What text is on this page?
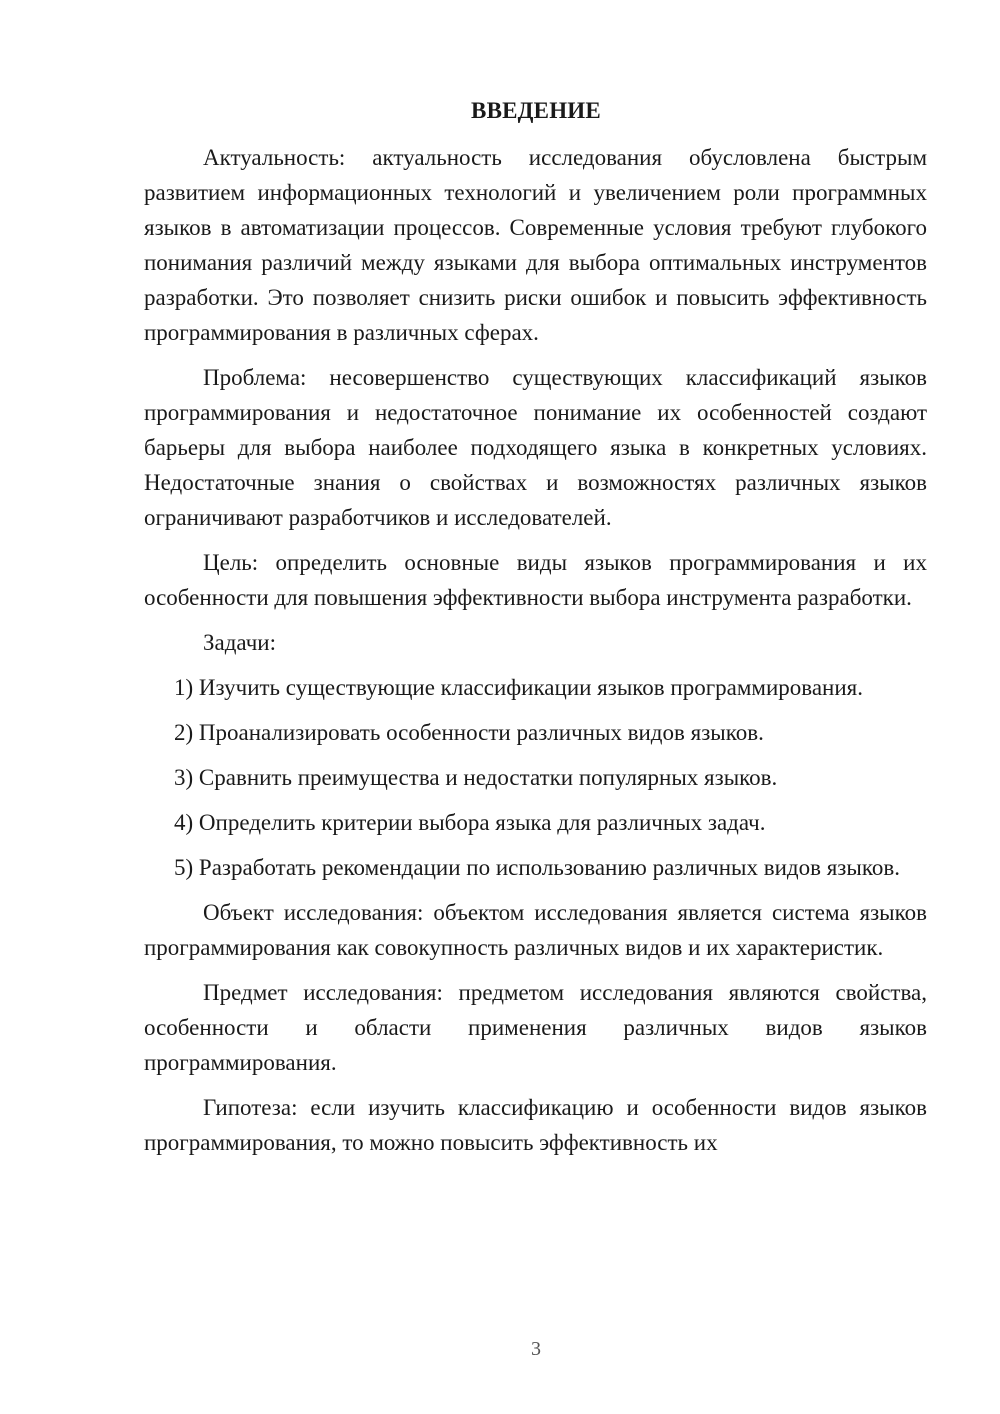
ВВЕДЕНИЕ

Актуальность: актуальность исследования обусловлена быстрым развитием информационных технологий и увеличением роли программных языков в автоматизации процессов. Современные условия требуют глубокого понимания различий между языками для выбора оптимальных инструментов разработки. Это позволяет снизить риски ошибок и повысить эффективность программирования в различных сферах.

Проблема: несовершенство существующих классификаций языков программирования и недостаточное понимание их особенностей создают барьеры для выбора наиболее подходящего языка в конкретных условиях. Недостаточные знания о свойствах и возможностях различных языков ограничивают разработчиков и исследователей.

Цель: определить основные виды языков программирования и их особенности для повышения эффективности выбора инструмента разработки.

Задачи:

1) Изучить существующие классификации языков программирования.

2) Проанализировать особенности различных видов языков.

3) Сравнить преимущества и недостатки популярных языков.

4) Определить критерии выбора языка для различных задач.

5) Разработать рекомендации по использованию различных видов языков.

Объект исследования: объектом исследования является система языков программирования как совокупность различных видов и их характеристик.

Предмет исследования: предметом исследования являются свойства, особенности и области применения различных видов языков программирования.

Гипотеза: если изучить классификацию и особенности видов языков программирования, то можно повысить эффективность их

3
